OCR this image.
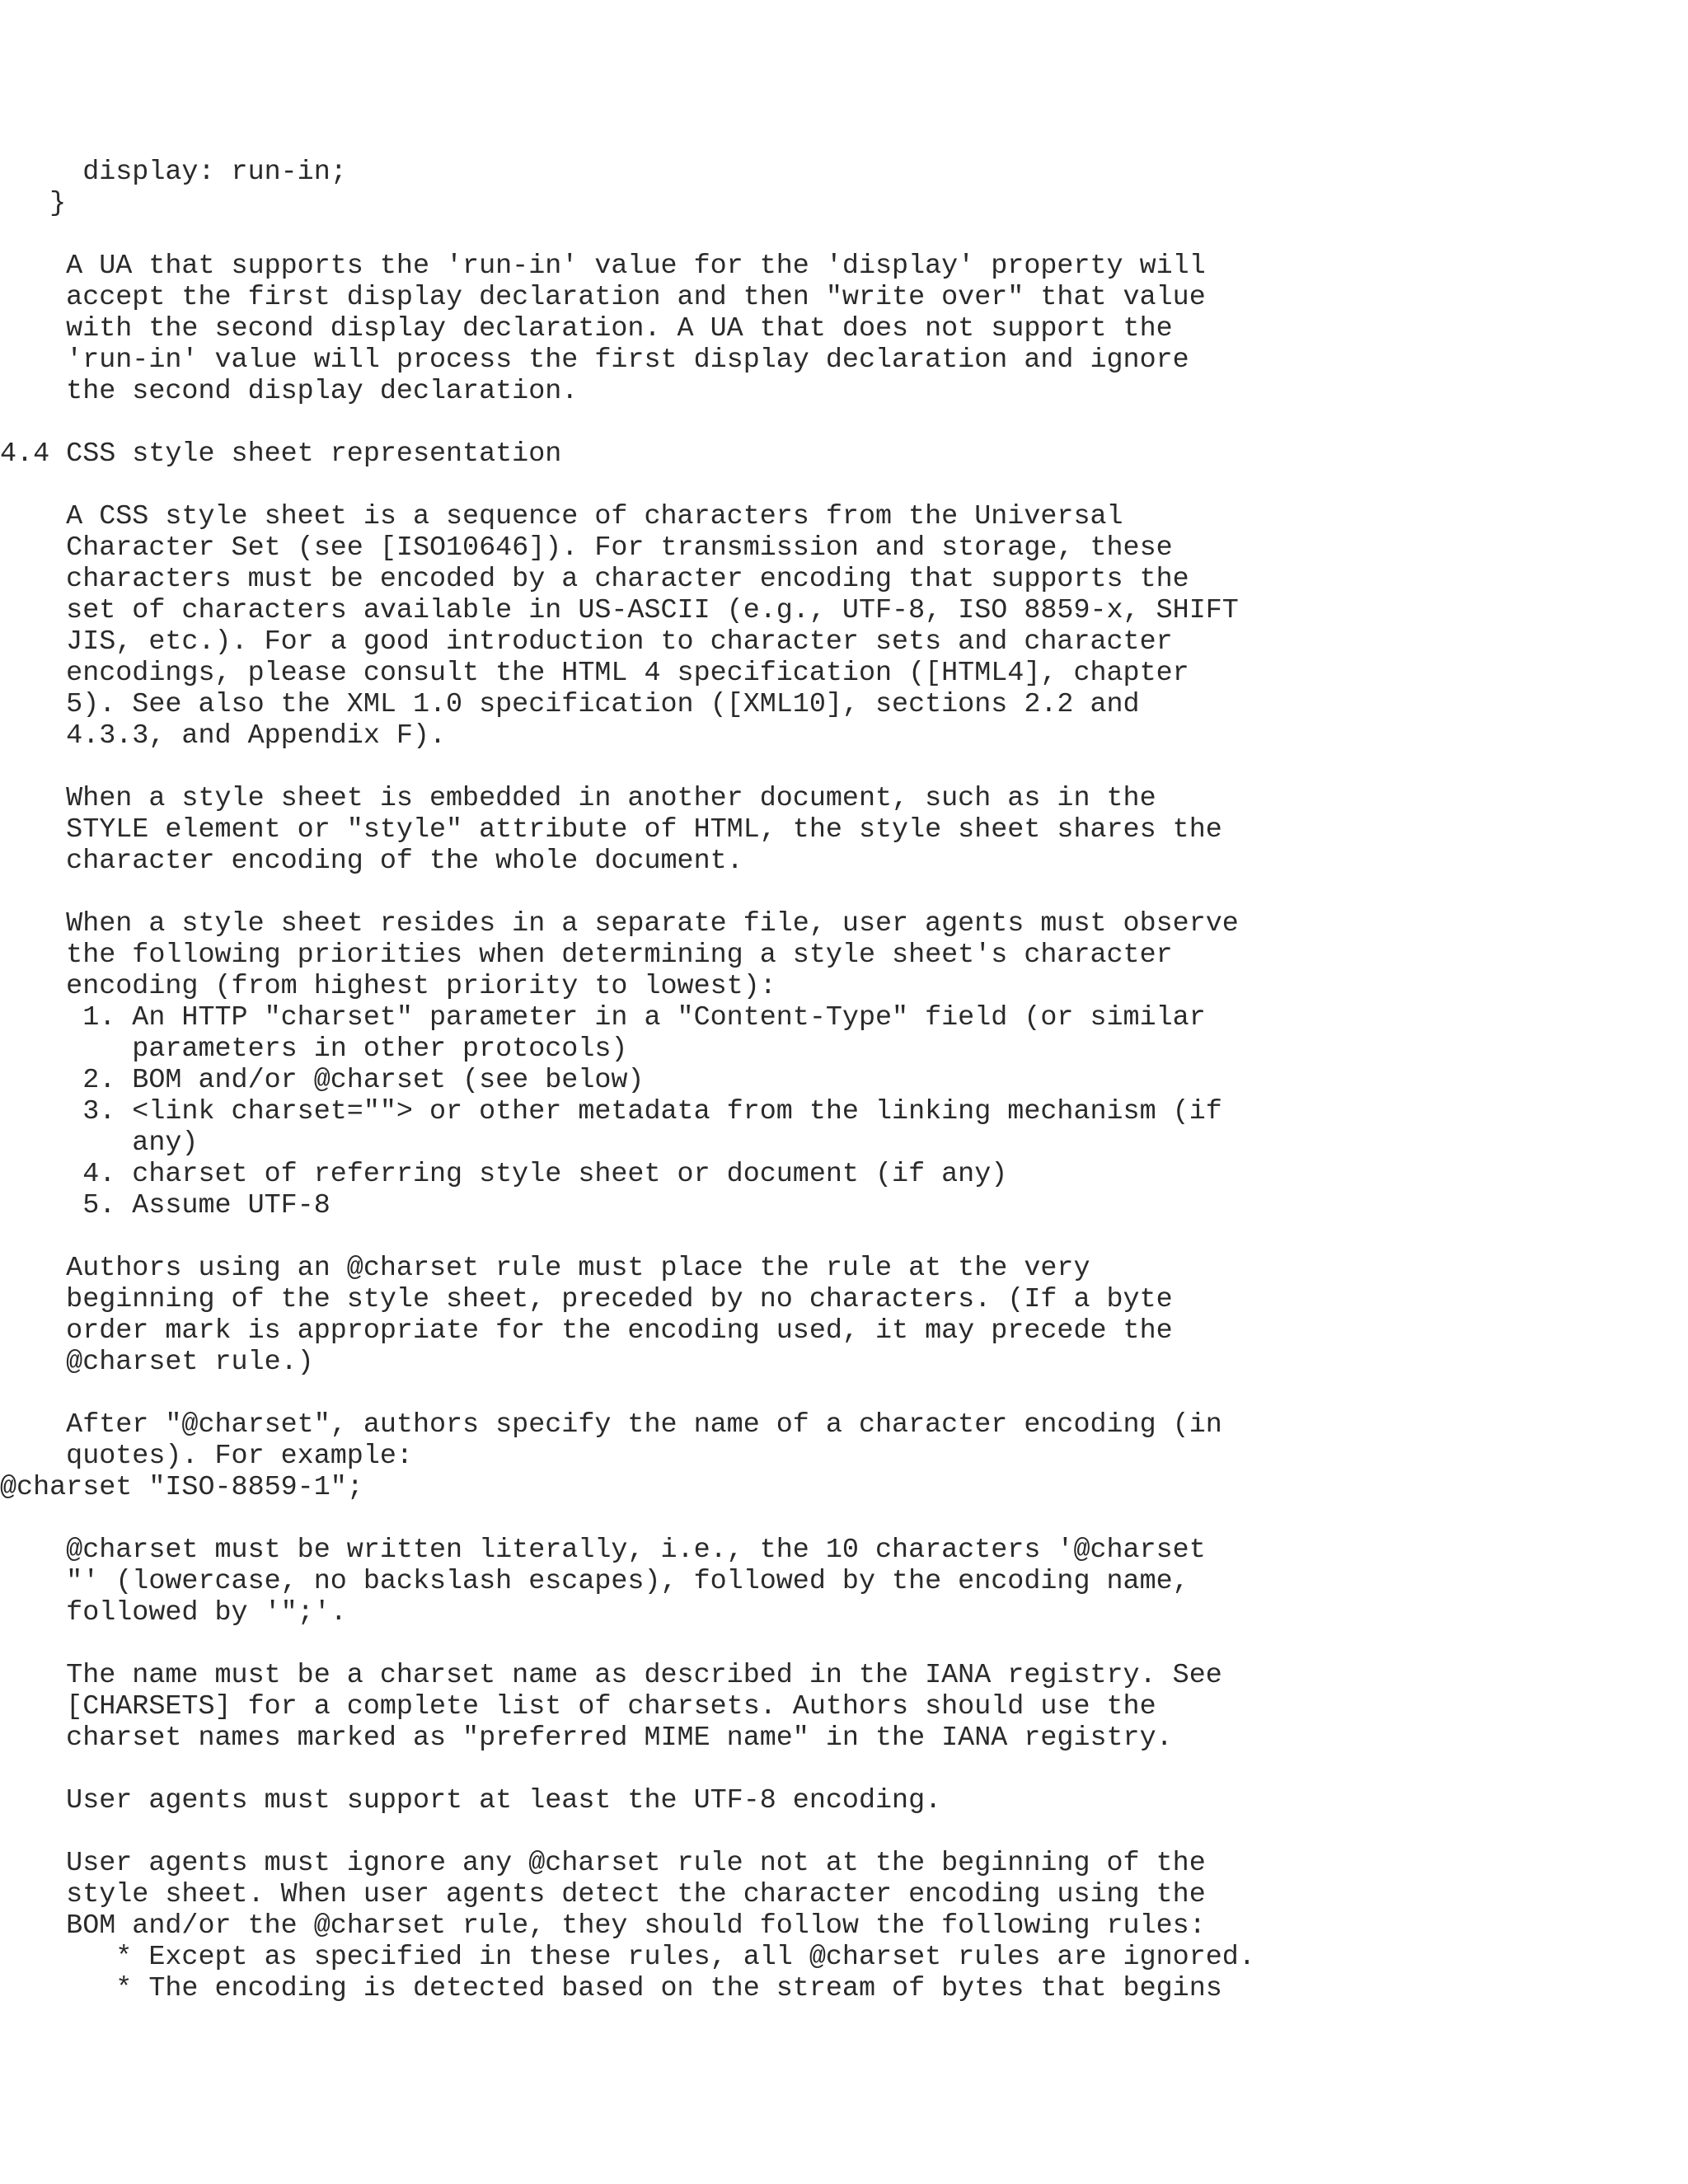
display: run-in;
}
A UA that supports the 'run-in' value for the 'display' property will
accept the first display declaration and then "write over" that value
with the second display declaration. A UA that does not support the
'run-in' value will process the first display declaration and ignore
the second display declaration.
4.4 CSS style sheet representation
A CSS style sheet is a sequence of characters from the Universal
Character Set (see [ISO10646]). For transmission and storage, these
characters must be encoded by a character encoding that supports the
set of characters available in US-ASCII (e.g., UTF-8, ISO 8859-x, SHIFT
JIS, etc.). For a good introduction to character sets and character
encodings, please consult the HTML 4 specification ([HTML4], chapter
5). See also the XML 1.0 specification ([XML10], sections 2.2 and
4.3.3, and Appendix F).
When a style sheet is embedded in another document, such as in the
STYLE element or "style" attribute of HTML, the style sheet shares the
character encoding of the whole document.
When a style sheet resides in a separate file, user agents must observe
the following priorities when determining a style sheet's character
encoding (from highest priority to lowest):
1. An HTTP "charset" parameter in a "Content-Type" field (or similar
parameters in other protocols)
2. BOM and/or @charset (see below)
3. <link charset=""> or other metadata from the linking mechanism (if
any)
4. charset of referring style sheet or document (if any)
5. Assume UTF-8
Authors using an @charset rule must place the rule at the very
beginning of the style sheet, preceded by no characters. (If a byte
order mark is appropriate for the encoding used, it may precede the
@charset rule.)
After "@charset", authors specify the name of a character encoding (in
quotes). For example:
@charset "ISO-8859-1";
@charset must be written literally, i.e., the 10 characters '@charset
"' (lowercase, no backslash escapes), followed by the encoding name,
followed by '";'.
The name must be a charset name as described in the IANA registry. See
[CHARSETS] for a complete list of charsets. Authors should use the
charset names marked as "preferred MIME name" in the IANA registry.
User agents must support at least the UTF-8 encoding.
User agents must ignore any @charset rule not at the beginning of the
style sheet. When user agents detect the character encoding using the
BOM and/or the @charset rule, they should follow the following rules:
* Except as specified in these rules, all @charset rules are ignored.
* The encoding is detected based on the stream of bytes that begins
